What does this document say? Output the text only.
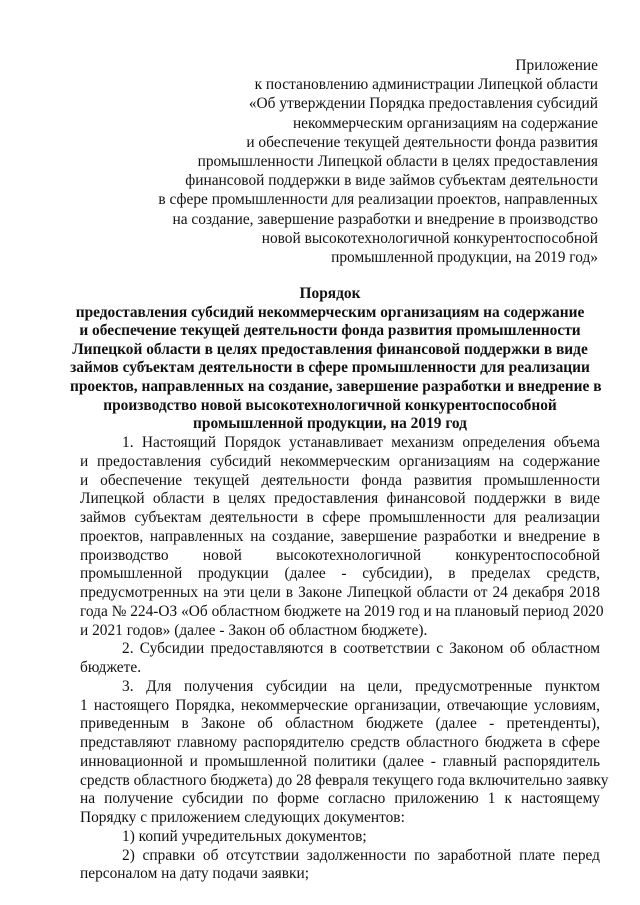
Приложение
к постановлению администрации Липецкой области
«Об утверждении Порядка предоставления субсидий
некоммерческим организациям на содержание
и обеспечение текущей деятельности фонда развития
промышленности Липецкой области в целях предоставления
финансовой поддержки в виде займов субъектам деятельности
в сфере промышленности для реализации проектов, направленных
на создание, завершение разработки и внедрение в производство
новой высокотехнологичной конкурентоспособной
промышленной продукции, на 2019 год»
Порядок
предоставления субсидий некоммерческим организациям на содержание
и обеспечение текущей деятельности фонда развития промышленности
Липецкой области в целях предоставления финансовой поддержки в виде
займов субъектам деятельности в сфере промышленности для реализации
проектов, направленных на создание, завершение разработки и внедрение в
производство новой высокотехнологичной конкурентоспособной
промышленной продукции, на 2019 год
1. Настоящий Порядок устанавливает механизм определения объема
и предоставления субсидий некоммерческим организациям на содержание
и обеспечение текущей деятельности фонда развития промышленности
Липецкой области в целях предоставления финансовой поддержки в виде
займов субъектам деятельности в сфере промышленности для реализации
проектов, направленных на создание, завершение разработки и внедрение в
производство новой высокотехнологичной конкурентоспособной
промышленной продукции (далее - субсидии), в пределах средств,
предусмотренных на эти цели в Законе Липецкой области от 24 декабря 2018
года № 224-ОЗ «Об областном бюджете на 2019 год и на плановый период 2020
и 2021 годов» (далее - Закон об областном бюджете).
2. Субсидии предоставляются в соответствии с Законом об областном
бюджете.
3. Для получения субсидии на цели, предусмотренные пунктом
1 настоящего Порядка, некоммерческие организации, отвечающие условиям,
приведенным в Законе об областном бюджете (далее - претенденты),
представляют главному распорядителю средств областного бюджета в сфере
инновационной и промышленной политики (далее - главный распорядитель
средств областного бюджета) до 28 февраля текущего года включительно заявку
на получение субсидии по форме согласно приложению 1 к настоящему
Порядку с приложением следующих документов:
1) копий учредительных документов;
2) справки об отсутствии задолженности по заработной плате перед
персоналом на дату подачи заявки;
